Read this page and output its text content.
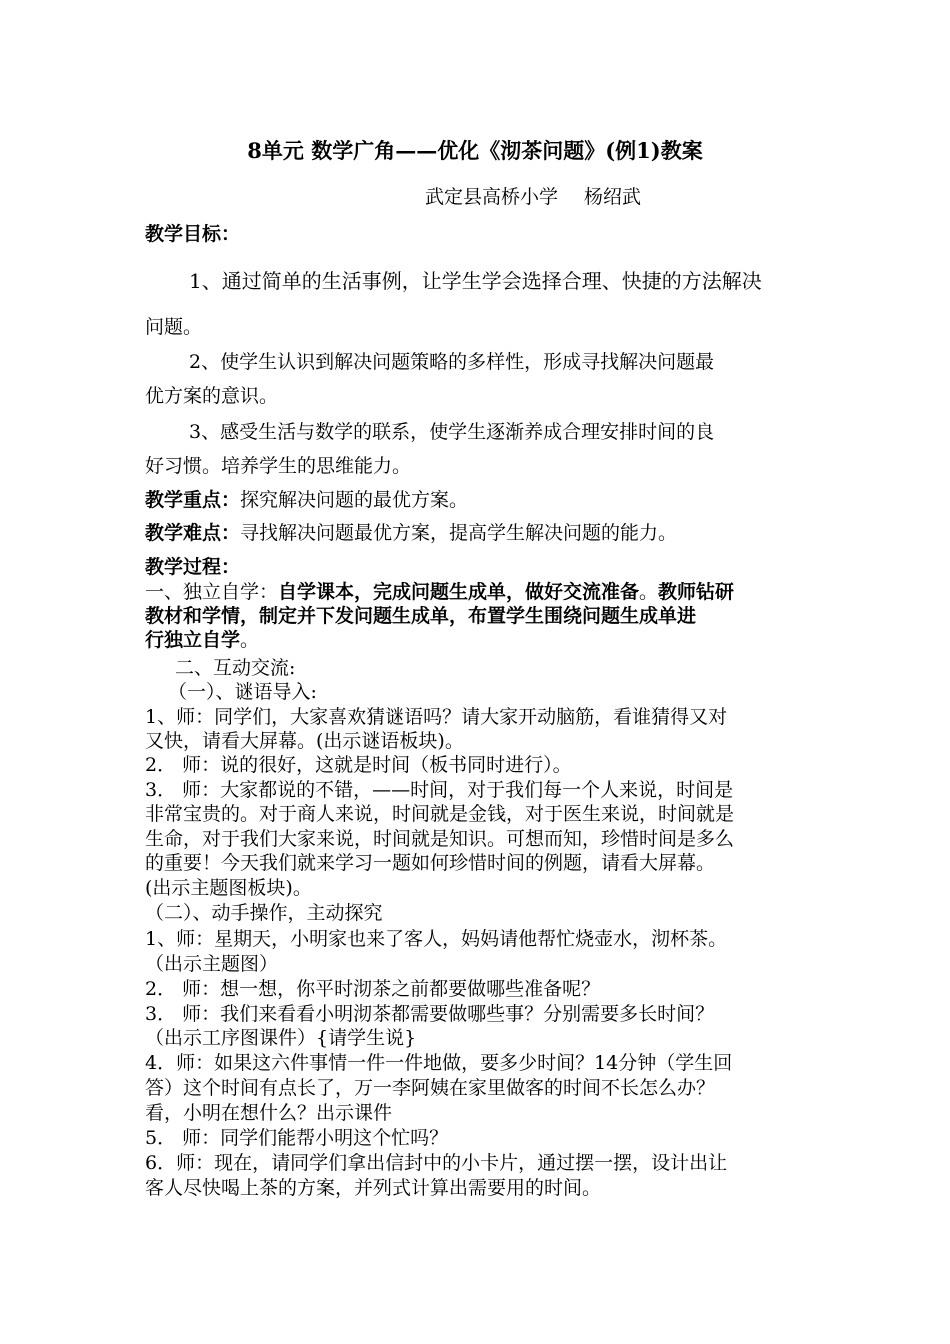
8单元 数学广角——优化《沏茶问题》(例1)教案
武定县高桥小学 杨绍武
教学目标：
1、通过简单的生活事例，让学生学会选择合理、快捷的方法解决
问题。
2、使学生认识到解决问题策略的多样性，形成寻找解决问题最
优方案的意识。
3、感受生活与数学的联系，使学生逐渐养成合理安排时间的良
好习惯。培养学生的思维能力。
教学重点：探究解决问题的最优方案。
教学难点：寻找解决问题最优方案，提高学生解决问题的能力。
教学过程：
一、独立自学：自学课本，完成问题生成单，做好交流准备。教师钻研
教材和学情，制定并下发问题生成单，布置学生围绕问题生成单进
行独立自学。
二、互动交流:
（一）、谜语导入:
1、师：同学们，大家喜欢猜谜语吗？请大家开动脑筋，看谁猜得又对
又快，请看大屏幕。(出示谜语板块)。
2． 师：说的很好，这就是时间（板书同时进行）。
3． 师：大家都说的不错，——时间，对于我们每一个人来说，时间是
非常宝贵的。对于商人来说，时间就是金钱，对于医生来说，时间就是
生命，对于我们大家来说，时间就是知识。可想而知，珍惜时间是多么
的重要！今天我们就来学习一题如何珍惜时间的例题，请看大屏幕。
(出示主题图板块)。
（二）、动手操作，主动探究
1、师：星期天，小明家也来了客人，妈妈请他帮忙烧壶水，沏杯茶。
（出示主题图）
2． 师：想一想，你平时沏茶之前都要做哪些准备呢？
3． 师：我们来看看小明沏茶都需要做哪些事？分别需要多长时间？
（出示工序图课件）{请学生说}
4．师：如果这六件事情一件一件地做，要多少时间？14分钟（学生回
答）这个时间有点长了，万一李阿姨在家里做客的时间不长怎么办？
看，小明在想什么？出示课件
5． 师：同学们能帮小明这个忙吗？
6．师：现在，请同学们拿出信封中的小卡片，通过摆一摆，设计出让
客人尽快喝上茶的方案，并列式计算出需要用的时间。
